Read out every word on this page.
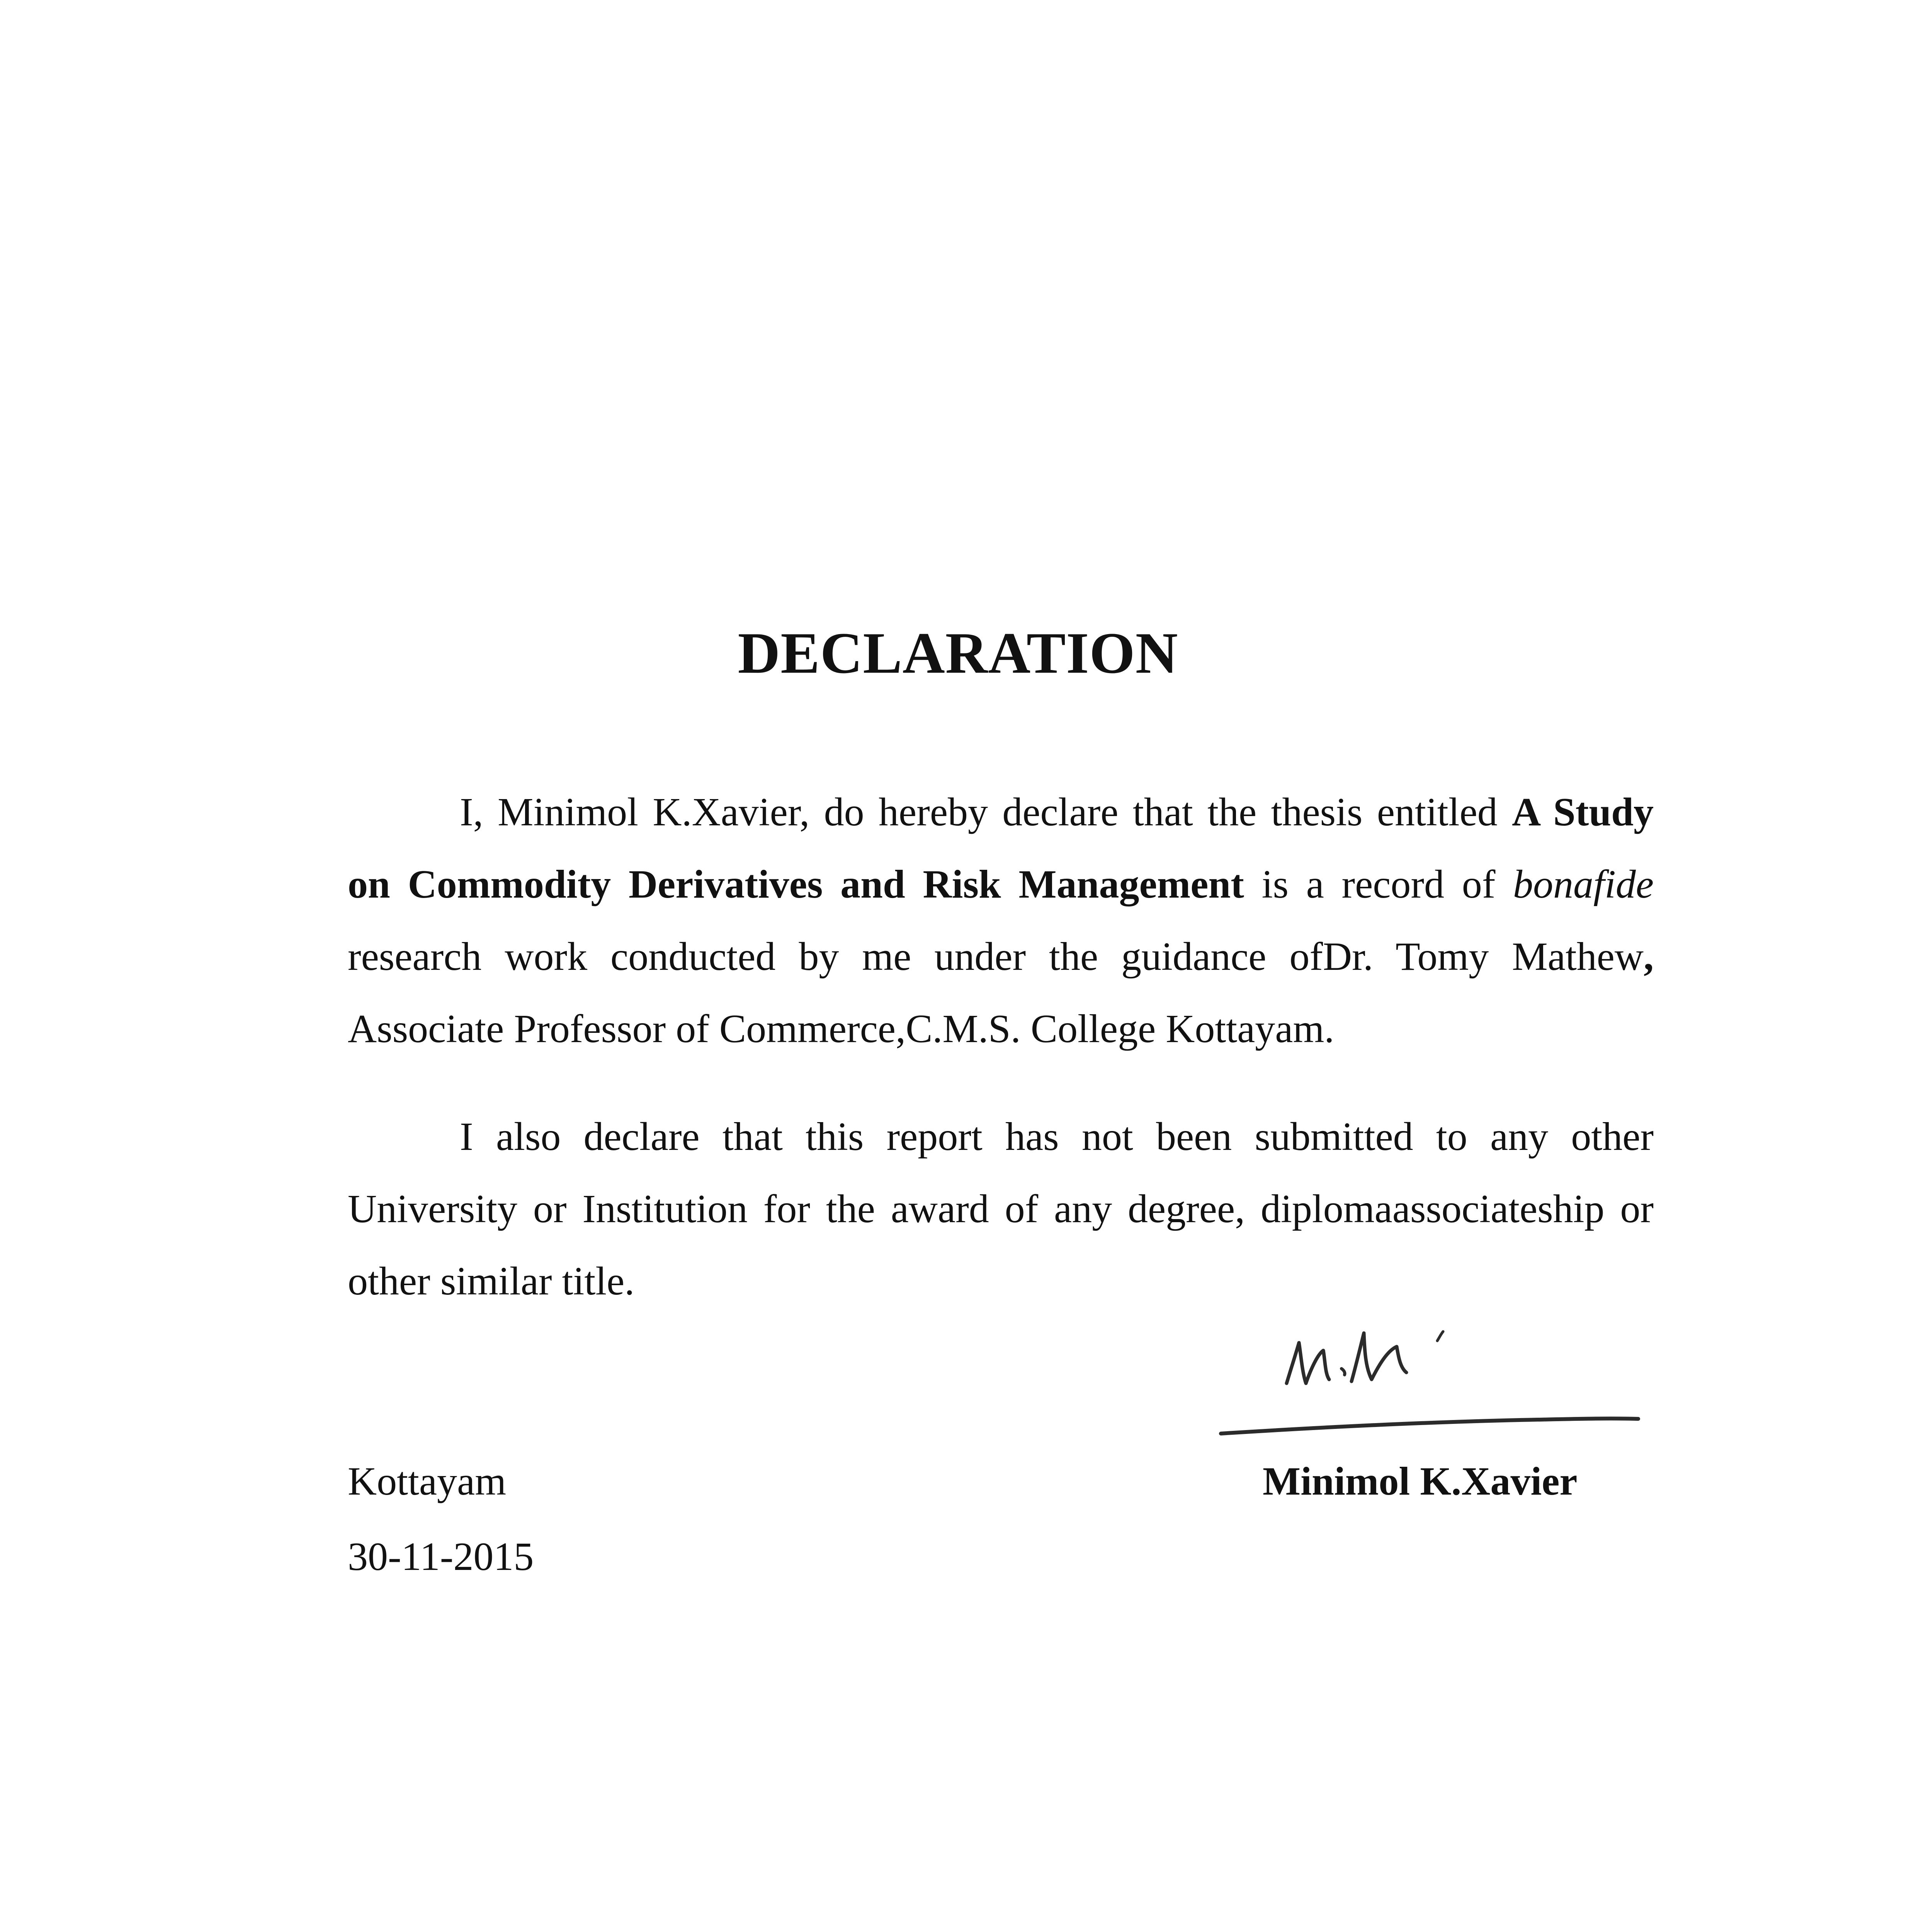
DECLARATION

I, Minimol K.Xavier, do hereby declare that the thesis entitled A Study on Commodity Derivatives and Risk Management is a record of bonafide research work conducted by me under the guidance ofDr. Tomy Mathew, Associate Professor of Commerce,C.M.S. College Kottayam.

I also declare that this report has not been submitted to any other University or Institution for the award of any degree, diplomaassociateship or other similar title.

Kottayam
30-11-2015
Minimol K.Xavier
